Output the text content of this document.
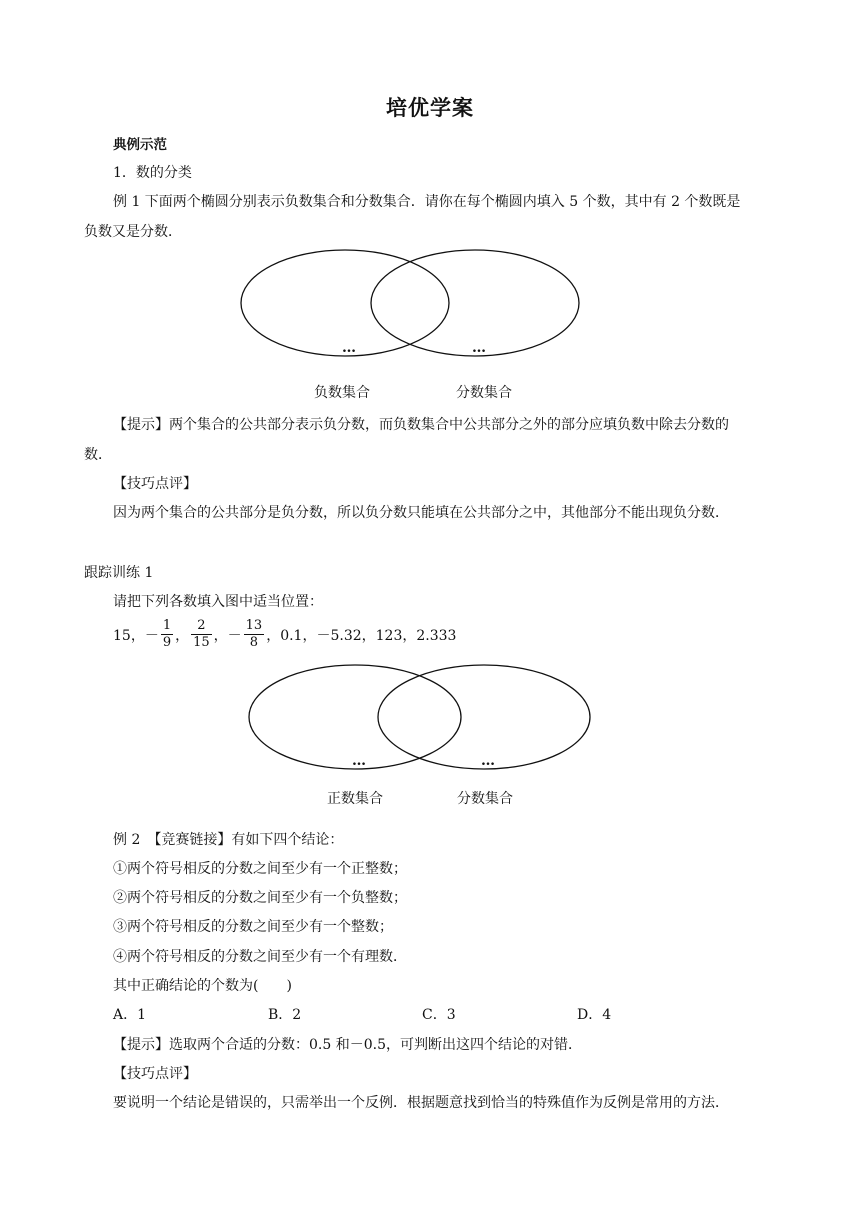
培优学案
典例示范
1．数的分类
例 1 下面两个椭圆分别表示负数集合和分数集合．请你在每个椭圆内填入 5 个数，其中有 2 个数既是
负数又是分数．
…	…
负数集合	分数集合
【提示】两个集合的公共部分表示负分数，而负数集合中公共部分之外的部分应填负数中除去分数的
数．
【技巧点评】
因为两个集合的公共部分是负分数，所以负分数只能填在公共部分之中，其他部分不能出现负分数．
跟踪训练 1
请把下列各数填入图中适当位置：
15，－ $\frac{1}{9}$ ， $\frac{2}{15}$ ，－ $\frac{13}{8}$ ，0.1，－5.32，123，2.333
…	…
正数集合	分数集合
例 2　【竞赛链接】有如下四个结论：
①两个符号相反的分数之间至少有一个正整数；
②两个符号相反的分数之间至少有一个负整数；
③两个符号相反的分数之间至少有一个整数；
④两个符号相反的分数之间至少有一个有理数．
其中正确结论的个数为(　　)
A．1	B．2	C．3	D．4
【提示】选取两个合适的分数：0.5 和－0.5，可判断出这四个结论的对错．
【技巧点评】
要说明一个结论是错误的，只需举出一个反例．根据题意找到恰当的特殊值作为反例是常用的方法．
